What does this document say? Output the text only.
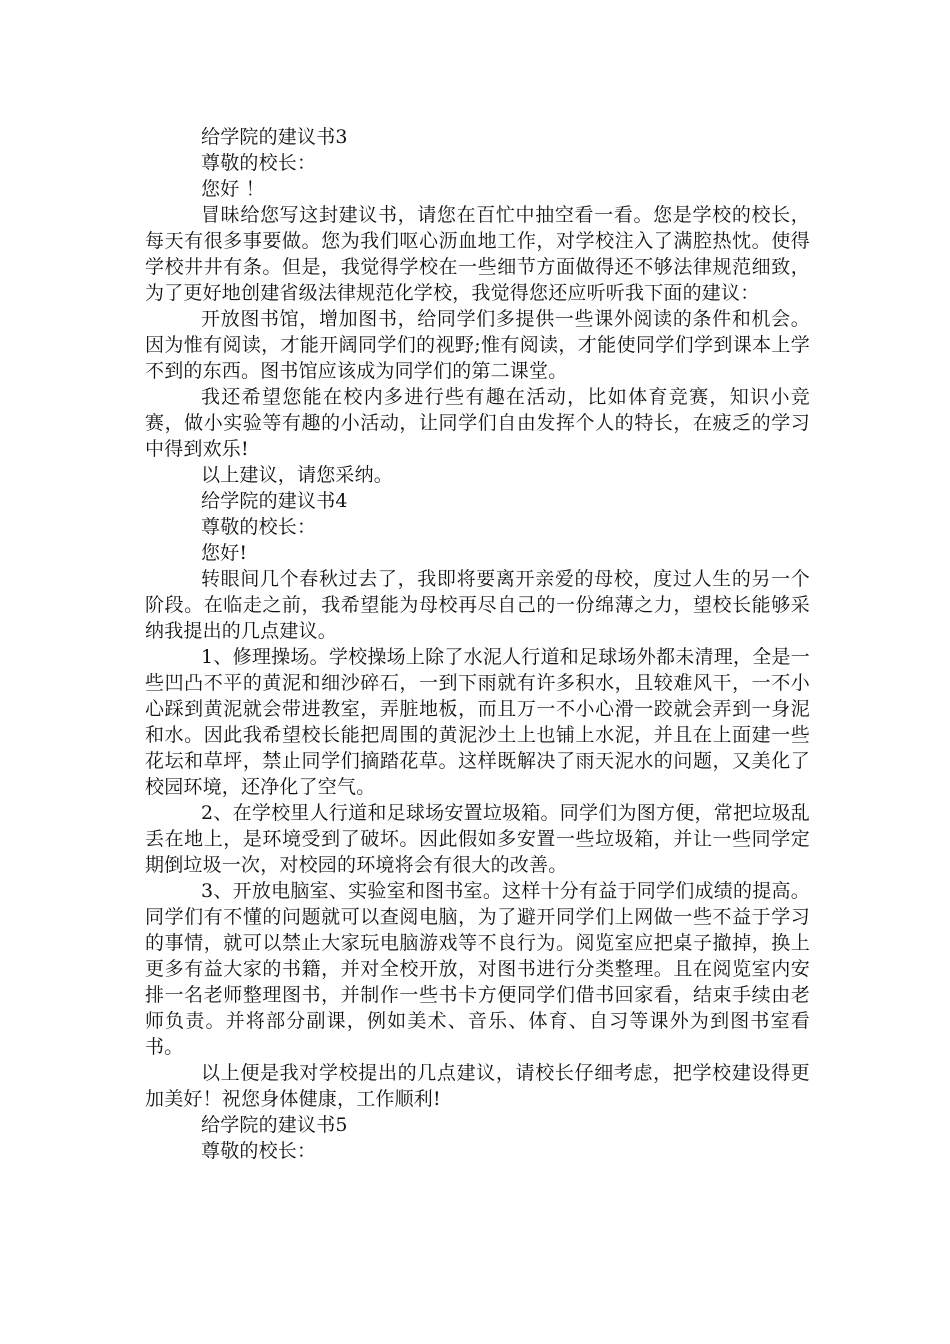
给学院的建议书3

尊敬的校长：

您好 ！

冒昧给您写这封建议书，请您在百忙中抽空看一看。您是学校的校长，每天有很多事要做。您为我们呕心沥血地工作，对学校注入了满腔热忱。使得学校井井有条。但是，我觉得学校在一些细节方面做得还不够法律规范细致，为了更好地创建省级法律规范化学校，我觉得您还应听听我下面的建议：

开放图书馆，增加图书，给同学们多提供一些课外阅读的条件和机会。因为惟有阅读，才能开阔同学们的视野;惟有阅读，才能使同学们学到课本上学不到的东西。图书馆应该成为同学们的第二课堂。

我还希望您能在校内多进行些有趣在活动，比如体育竞赛，知识小竞赛，做小实验等有趣的小活动，让同学们自由发挥个人的特长，在疲乏的学习中得到欢乐!

以上建议，请您采纳。

给学院的建议书4

尊敬的校长：

您好!

转眼间几个春秋过去了，我即将要离开亲爱的母校，度过人生的另一个阶段。在临走之前，我希望能为母校再尽自己的一份绵薄之力，望校长能够采纳我提出的几点建议。

1、修理操场。学校操场上除了水泥人行道和足球场外都未清理，全是一些凹凸不平的黄泥和细沙碎石，一到下雨就有许多积水，且较难风干，一不小心踩到黄泥就会带进教室，弄脏地板，而且万一不小心滑一跤就会弄到一身泥和水。因此我希望校长能把周围的黄泥沙土上也铺上水泥，并且在上面建一些花坛和草坪，禁止同学们摘踏花草。这样既解决了雨天泥水的问题，又美化了校园环境，还净化了空气。

2、在学校里人行道和足球场安置垃圾箱。同学们为图方便，常把垃圾乱丢在地上，是环境受到了破坏。因此假如多安置一些垃圾箱，并让一些同学定期倒垃圾一次，对校园的环境将会有很大的改善。

3、开放电脑室、实验室和图书室。这样十分有益于同学们成绩的提高。同学们有不懂的问题就可以查阅电脑，为了避开同学们上网做一些不益于学习的事情，就可以禁止大家玩电脑游戏等不良行为。阅览室应把桌子撤掉，换上更多有益大家的书籍，并对全校开放，对图书进行分类整理。且在阅览室内安排一名老师整理图书，并制作一些书卡方便同学们借书回家看，结束手续由老师负责。并将部分副课，例如美术、音乐、体育、自习等课外为到图书室看书。

以上便是我对学校提出的几点建议，请校长仔细考虑，把学校建设得更加美好！祝您身体健康，工作顺利!

给学院的建议书5

尊敬的校长：
